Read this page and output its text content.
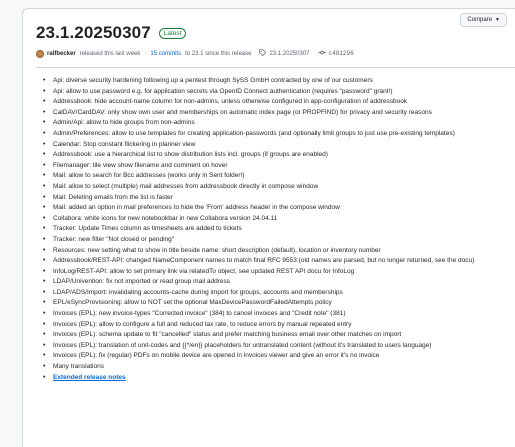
23.1.20250307	Latest
Compare ▼
ralfbecker released this last week · 15 commits to 23.1 since this release	23.1.20250307	c401296
• Api: diverse security hardening following up a pentest through SySS GmbH contracted by one of our customers
• Api: allow to use password e.g. for application secrets via OpenID Connect authentication (requires "password" grant!)
• Addressbook: hide account-name column for non-admins, unless otherwise configured in app-configuration of addressbook
• CalDAV/CardDAV: only show own user and memberships on automatic index page (or PROPFIND) for privacy and security reasons
• Admin/Api: allow to hide groups from non-admins
• Admin/Preferences: allow to use templates for creating application-passwords (and optionally limit groups to just use pre-existing templates)
• Calendar: Stop constant flickering in planner view
• Addressbook: use a hierarchical list to show distribution lists incl. groups (if groups are enabled)
• Filemanager: tile view show filename and comment on hover
• Mail: allow to search for Bcc addresses (works only in Sent folder!)
• Mail: allow to select (multiple) mail addresses from addressbook directly in compose window
• Mail: Deleting emails from the list is faster
• Mail: added an option in mail preferences to hide the 'From' address header in the compose window
• Collabora: white icons for new notebookbar in new Collabora version 24.04.11
• Tracker: Update Times column as timesheets are added to tickets
• Tracker: new filter "Not closed or pending"
• Resources: new setting what to show in title beside name: short description (default), location or inventory number
• Addressbook/REST-API: changed NameComponent names to match final RFC 9553 (old names are parsed, but no longer returned, see the docu)
• InfoLog/REST-API: allow to set primary link via relatedTo object, see updated REST API docu for InfoLog
• LDAP/Univention: fix not imported or read group mail address
• LDAP/ADS/Import: invalidating accounts-cache during import for groups, accounts and memberships
• EPL/eSyncProvisioning: allow to NOT set the optional MaxDevicePasswordFailedAttempts policy
• Invoices (EPL): new invoice-types "Corrected invoice" (384) to cancel invoices and "Credit note" (381)
• Invoices (EPL): allow to configure a full and reduced tax rate, to reduce errors by manual repeated entry
• Invoices (EPL): schema update to fit "cancelled" status and prefer matching business email over other matches on import
• Invoices (EPL): translation of unit-codes and {{*/en}} placeholders for untranslated content (without it's translated to users language)
• Invoices (EPL): fix (regular) PDFs on mobile device are opened in invoices viewer and give an error it's no invoice
• Many translations
• Extended release notes
